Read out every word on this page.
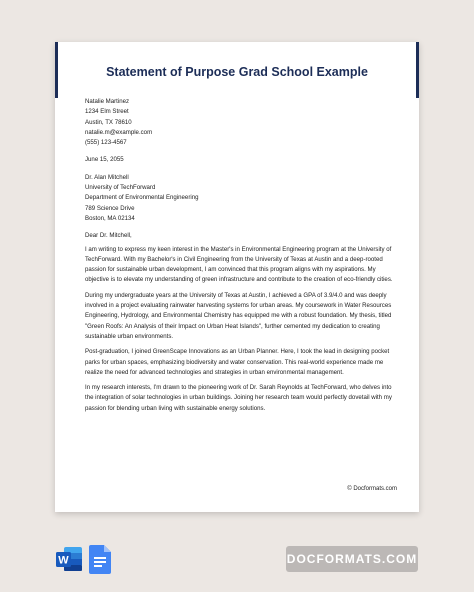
Statement of Purpose Grad School Example
Natalie Martinez
1234 Elm Street
Austin, TX 78610
natalie.m@example.com
(555) 123-4567
June 15, 2055
Dr. Alan Mitchell
University of TechForward
Department of Environmental Engineering
789 Science Drive
Boston, MA 02134
Dear Dr. Mitchell,

I am writing to express my keen interest in the Master's in Environmental Engineering program at the University of TechForward. With my Bachelor's in Civil Engineering from the University of Texas at Austin and a deep-rooted passion for sustainable urban development, I am convinced that this program aligns with my aspirations. My objective is to elevate my understanding of green infrastructure and contribute to the creation of eco-friendly cities.

During my undergraduate years at the University of Texas at Austin, I achieved a GPA of 3.9/4.0 and was deeply involved in a project evaluating rainwater harvesting systems for urban areas. My coursework in Water Resources Engineering, Hydrology, and Environmental Chemistry has equipped me with a robust foundation. My thesis, titled "Green Roofs: An Analysis of their Impact on Urban Heat Islands", further cemented my dedication to creating sustainable urban environments.

Post-graduation, I joined GreenScape Innovations as an Urban Planner. Here, I took the lead in designing pocket parks for urban spaces, emphasizing biodiversity and water conservation. This real-world experience made me realize the need for advanced technologies and strategies in urban environmental management.

In my research interests, I'm drawn to the pioneering work of Dr. Sarah Reynolds at TechForward, who delves into the integration of solar technologies in urban buildings. Joining her research team would perfectly dovetail with my passion for blending urban living with sustainable energy solutions.

© Docformats.com
W	DOCFORMATS.COM
